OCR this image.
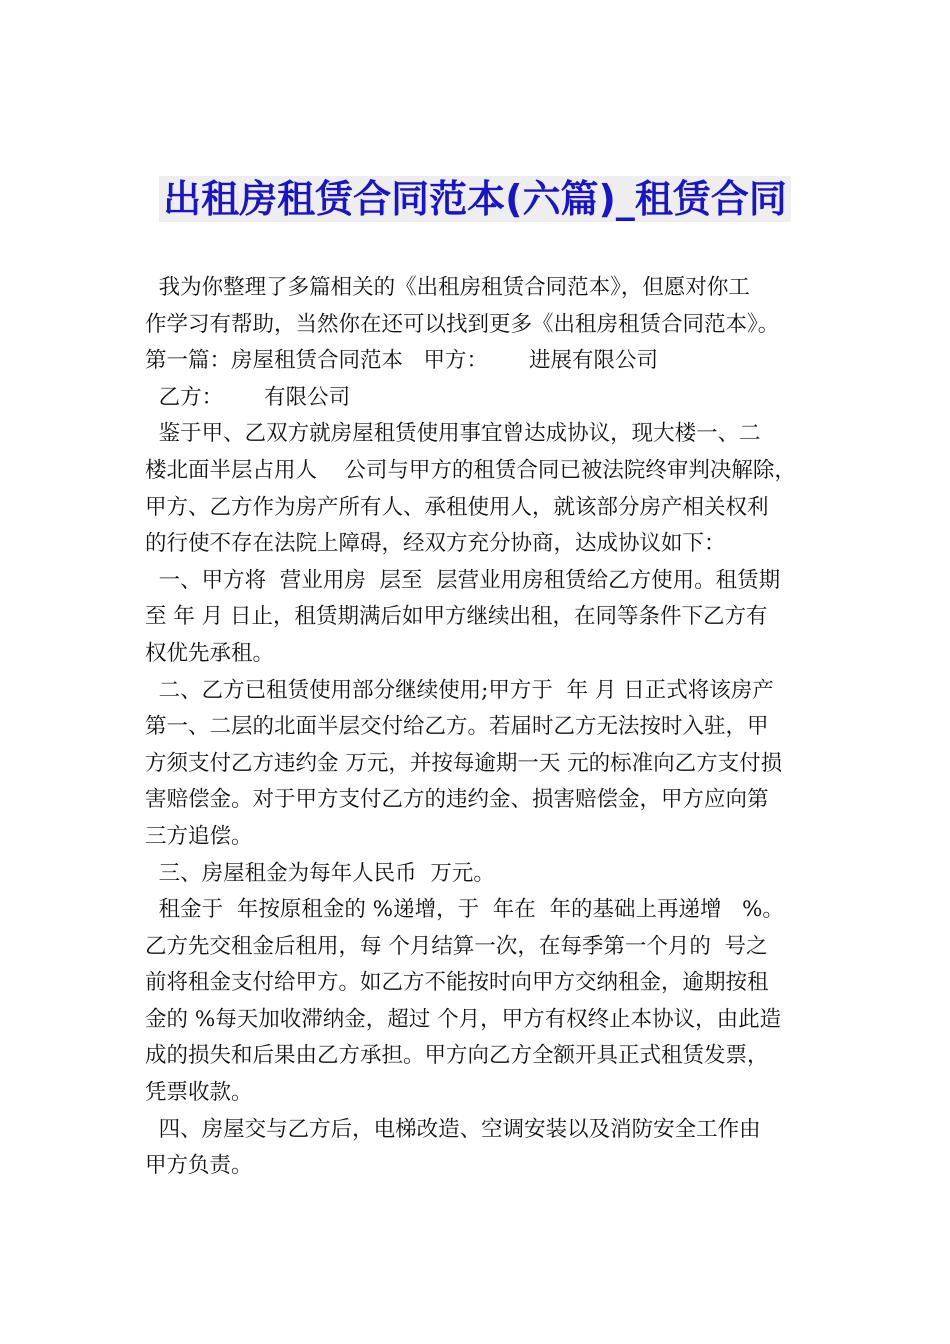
出租房租赁合同范本(六篇)_租赁合同
我为你整理了多篇相关的《出租房租赁合同范本》，但愿对你工
作学习有帮助，当然你在还可以找到更多《出租房租赁合同范本》。
第一篇：房屋租赁合同范本   甲方：      进展有限公司
乙方：      有限公司
鉴于甲、乙双方就房屋租赁使用事宜曾达成协议，现大楼一、二
楼北面半层占用人    公司与甲方的租赁合同已被法院终审判决解除，
甲方、乙方作为房产所有人、承租使用人，就该部分房产相关权利
的行使不存在法院上障碍，经双方充分协商，达成协议如下：
一、甲方将  营业用房  层至  层营业用房租赁给乙方使用。租赁期
至 年 月 日止，租赁期满后如甲方继续出租，在同等条件下乙方有
权优先承租。
二、乙方已租赁使用部分继续使用;甲方于  年 月 日正式将该房产
第一、二层的北面半层交付给乙方。若届时乙方无法按时入驻，甲
方须支付乙方违约金 万元，并按每逾期一天 元的标准向乙方支付损
害赔偿金。对于甲方支付乙方的违约金、损害赔偿金，甲方应向第
三方追偿。
三、房屋租金为每年人民币  万元。
租金于  年按原租金的 %递增，于  年在  年的基础上再递增   %。
乙方先交租金后租用，每 个月结算一次，在每季第一个月的  号之
前将租金支付给甲方。如乙方不能按时向甲方交纳租金，逾期按租
金的 %每天加收滞纳金，超过 个月，甲方有权终止本协议，由此造
成的损失和后果由乙方承担。甲方向乙方全额开具正式租赁发票，
凭票收款。
四、房屋交与乙方后，电梯改造、空调安装以及消防安全工作由
甲方负责。
